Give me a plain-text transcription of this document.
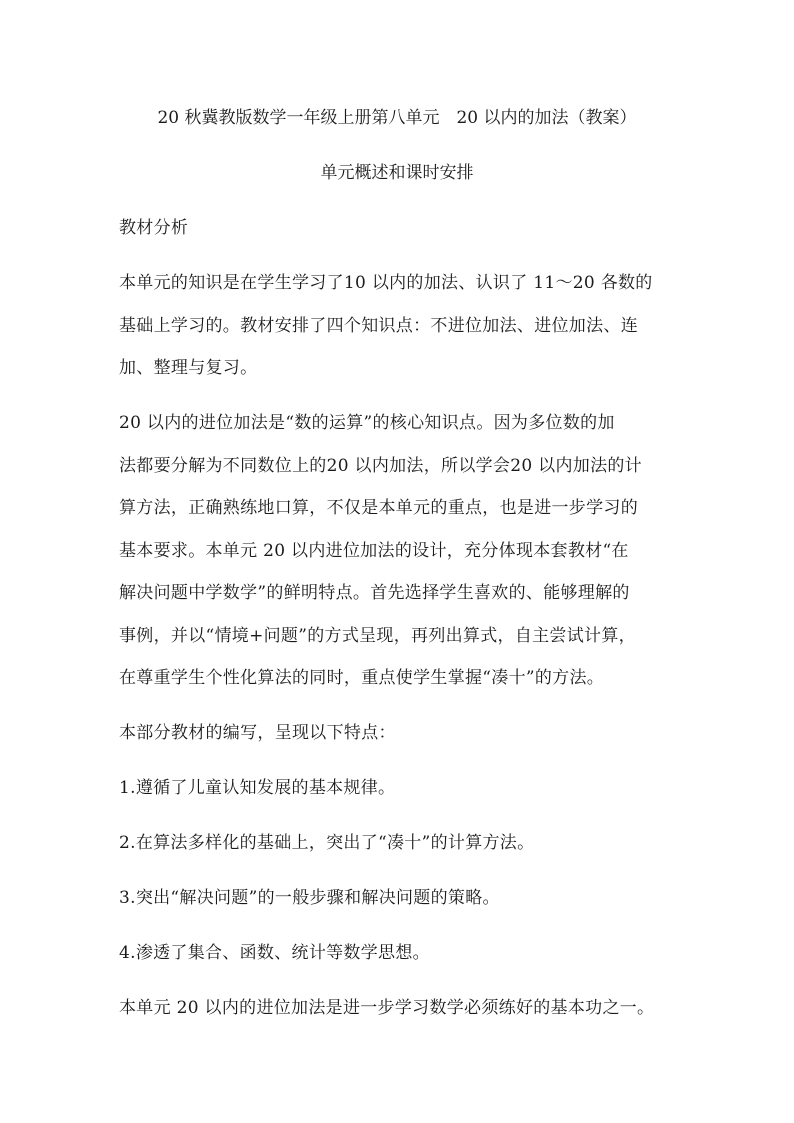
20 秋冀教版数学一年级上册第八单元　20 以内的加法（教案）
单元概述和课时安排
教材分析
本单元的知识是在学生学习了10 以内的加法、认识了 11～20 各数的
基础上学习的。教材安排了四个知识点：不进位加法、进位加法、连
加、整理与复习。
20 以内的进位加法是“数的运算”的核心知识点。因为多位数的加
法都要分解为不同数位上的20 以内加法，所以学会20 以内加法的计
算方法，正确熟练地口算，不仅是本单元的重点，也是进一步学习的
基本要求。本单元 20 以内进位加法的设计，充分体现本套教材“在
解决问题中学数学”的鲜明特点。首先选择学生喜欢的、能够理解的
事例，并以“情境+问题”的方式呈现，再列出算式，自主尝试计算，
在尊重学生个性化算法的同时，重点使学生掌握“凑十”的方法。
本部分教材的编写，呈现以下特点：
1.遵循了儿童认知发展的基本规律。
2.在算法多样化的基础上，突出了“凑十”的计算方法。
3.突出“解决问题”的一般步骤和解决问题的策略。
4.渗透了集合、函数、统计等数学思想。
本单元 20 以内的进位加法是进一步学习数学必须练好的基本功之一。
